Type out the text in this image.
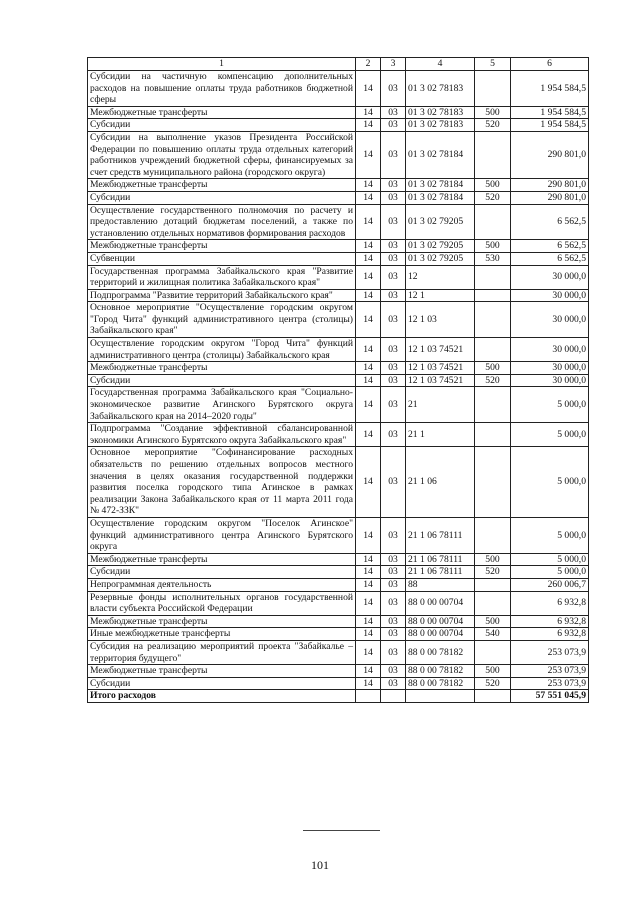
1	2	3	4	5	6
Субсидии на частичную компенсацию дополнительных расходов на повышение оплаты труда работников бюджетной сферы	14	03	01 3 02 78183		1 954 584,5
Межбюджетные трансферты	14	03	01 3 02 78183	500	1 954 584,5
Субсидии	14	03	01 3 02 78183	520	1 954 584,5
Субсидии на выполнение указов Президента Российской Федерации по повышению оплаты труда отдельных категорий работников учреждений бюджетной сферы, финансируемых за счет средств муниципального района (городского округа)	14	03	01 3 02 78184		290 801,0
Межбюджетные трансферты	14	03	01 3 02 78184	500	290 801,0
Субсидии	14	03	01 3 02 78184	520	290 801,0
Осуществление государственного полномочия по расчету и предоставлению дотаций бюджетам поселений, а также по установлению отдельных нормативов формирования расходов	14	03	01 3 02 79205		6 562,5
Межбюджетные трансферты	14	03	01 3 02 79205	500	6 562,5
Субвенции	14	03	01 3 02 79205	530	6 562,5
Государственная программа Забайкальского края "Развитие территорий и жилищная политика Забайкальского края"	14	03	12		30 000,0
Подпрограмма "Развитие территорий Забайкальского края"	14	03	12 1		30 000,0
Основное мероприятие "Осуществление городским округом "Город Чита" функций административного центра (столицы) Забайкальского края"	14	03	12 1 03		30 000,0
Осуществление городским округом "Город Чита" функций административного центра (столицы) Забайкальского края	14	03	12 1 03 74521		30 000,0
Межбюджетные трансферты	14	03	12 1 03 74521	500	30 000,0
Субсидии	14	03	12 1 03 74521	520	30 000,0
Государственная программа Забайкальского края "Социально-экономическое развитие Агинского Бурятского округа Забайкальского края на 2014–2020 годы"	14	03	21		5 000,0
Подпрограмма "Создание эффективной сбалансированной экономики Агинского Бурятского округа Забайкальского края"	14	03	21 1		5 000,0
Основное мероприятие "Софинансирование расходных обязательств по решению отдельных вопросов местного значения в целях оказания государственной поддержки развития поселка городского типа Агинское в рамках реализации Закона Забайкальского края от 11 марта 2011 года № 472-ЗЗК"	14	03	21 1 06		5 000,0
Осуществление городским округом "Поселок Агинское" функций административного центра Агинского Бурятского округа	14	03	21 1 06 78111		5 000,0
Межбюджетные трансферты	14	03	21 1 06 78111	500	5 000,0
Субсидии	14	03	21 1 06 78111	520	5 000,0
Непрограммная деятельность	14	03	88		260 006,7
Резервные фонды исполнительных органов государственной власти субъекта Российской Федерации	14	03	88 0 00 00704		6 932,8
Межбюджетные трансферты	14	03	88 0 00 00704	500	6 932,8
Иные межбюджетные трансферты	14	03	88 0 00 00704	540	6 932,8
Субсидия на реализацию мероприятий проекта "Забайкалье – территория будущего"	14	03	88 0 00 78182		253 073,9
Межбюджетные трансферты	14	03	88 0 00 78182	500	253 073,9
Субсидии	14	03	88 0 00 78182	520	253 073,9
Итого расходов					57 551 045,9
101
